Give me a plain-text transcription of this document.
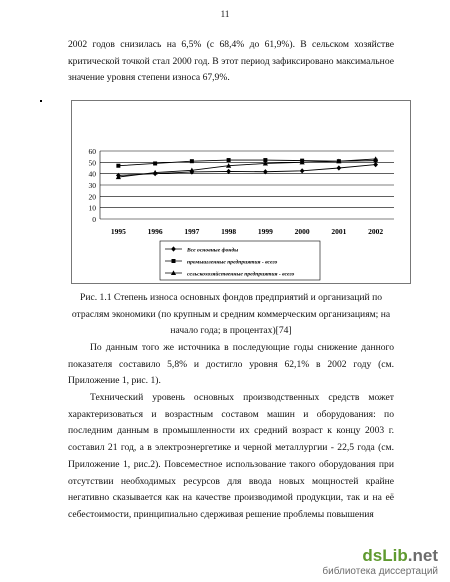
11
2002 годов снизилась на 6,5% (с 68,4% до 61,9%). В сельском хозяйстве критической точкой стал 2000 год. В этот период зафиксировано максимальное значение уровня степени износа 67,9%.
0
10
20
30
40
50
60
1995	1996	1997	1998	1999	2000	2001	2002
Все основные фонды
промышленные предприятия - всего
сельскохозяйственные предприятия - всего
Рис. 1.1 Степень износа основных фондов предприятий и организаций по отраслям экономики (по крупным и средним коммерческим организациям; на начало года; в процентах)[74]
По данным того же источника в последующие годы снижение данного показателя составило 5,8% и достигло уровня 62,1% в 2002 году (см. Приложение 1, рис. 1).
Технический уровень основных производственных средств может характеризоваться и возрастным составом машин и оборудования: по последним данным в промышленности их средний возраст к концу 2003 г. составил 21 год, а в электроэнергетике и черной металлургии - 22,5 года (см. Приложение 1, рис.2). Повсеместное использование такого оборудования при отсутствии необходимых ресурсов для ввода новых мощностей крайне негативно сказывается как на качестве производимой продукции, так и на её себестоимости, принципиально сдерживая решение проблемы повышения
dsLib .net
библиотека диссертаций
